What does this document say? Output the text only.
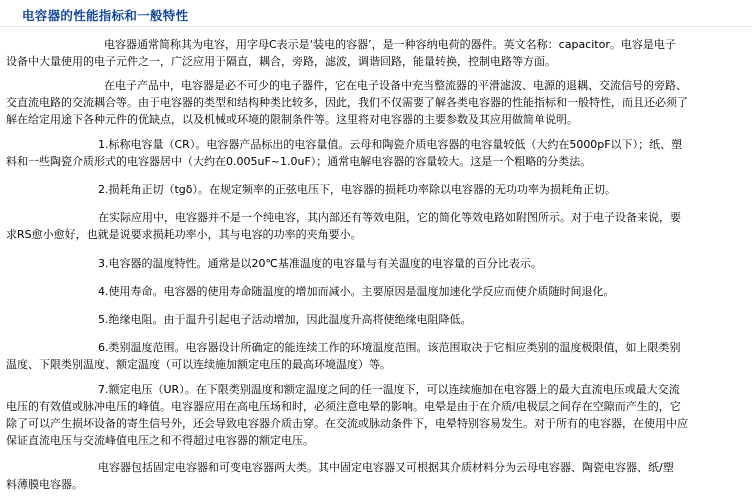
电容器的性能指标和一般特性
电容器通常简称其为电容，用字母C表示是‘装电的容器’，是一种容纳电荷的器件。英文名称：capacitor。电容是电子
设备中大量使用的电子元件之一，广泛应用于隔直，耦合，旁路，滤波，调谐回路，能量转换，控制电路等方面。
在电子产品中，电容器是必不可少的电子器件，它在电子设备中充当整流器的平滑滤波、电源的退耦、交流信号的旁路、
交直流电路的交流耦合等。由于电容器的类型和结构种类比较多，因此，我们不仅需要了解各类电容器的性能指标和一般特性，而且还必须了
解在给定用途下各种元件的优缺点，以及机械或环境的限制条件等。这里将对电容器的主要参数及其应用做简单说明。
1.标称电容量（CR）。电容器产品标出的电容量值。云母和陶瓷介质电容器的电容量较低（大约在5000pF以下）；纸、塑
料和一些陶瓷介质形式的电容器居中（大约在0.005uF~1.0uF）；通常电解电容器的容量较大。这是一个粗略的分类法。
2.损耗角正切（tgδ）。在规定频率的正弦电压下，电容器的损耗功率除以电容器的无功功率为损耗角正切。
在实际应用中，电容器并不是一个纯电容，其内部还有等效电阻，它的简化等效电路如附图所示。对于电子设备来说，要
求RS愈小愈好，也就是说要求损耗功率小，其与电容的功率的夹角要小。
3.电容器的温度特性。通常是以20℃基准温度的电容量与有关温度的电容量的百分比表示。
4.使用寿命。电容器的使用寿命随温度的增加而减小。主要原因是温度加速化学反应而使介质随时间退化。
5.绝缘电阻。由于温升引起电子活动增加，因此温度升高将使绝缘电阻降低。
6.类别温度范围。电容器设计所确定的能连续工作的环境温度范围。该范围取决于它相应类别的温度极限值，如上限类别
温度、下限类别温度、额定温度（可以连续施加额定电压的最高环境温度）等。
7.额定电压（UR）。在下限类别温度和额定温度之间的任一温度下，可以连续施加在电容器上的最大直流电压或最大交流
电压的有效值或脉冲电压的峰值。电容器应用在高电压场和时，必须注意电晕的影响。电晕是由于在介质/电极层之间存在空隙而产生的，它
除了可以产生损坏设备的寄生信号外，还会导致电容器介质击穿。在交流或脉动条件下，电晕特别容易发生。对于所有的电容器，在使用中应
保证直流电压与交流峰值电压之和不得超过电容器的额定电压。
电容器包括固定电容器和可变电容器两大类。其中固定电容器又可根据其介质材料分为云母电容器、陶瓷电容器、纸/塑
料薄膜电容器。
